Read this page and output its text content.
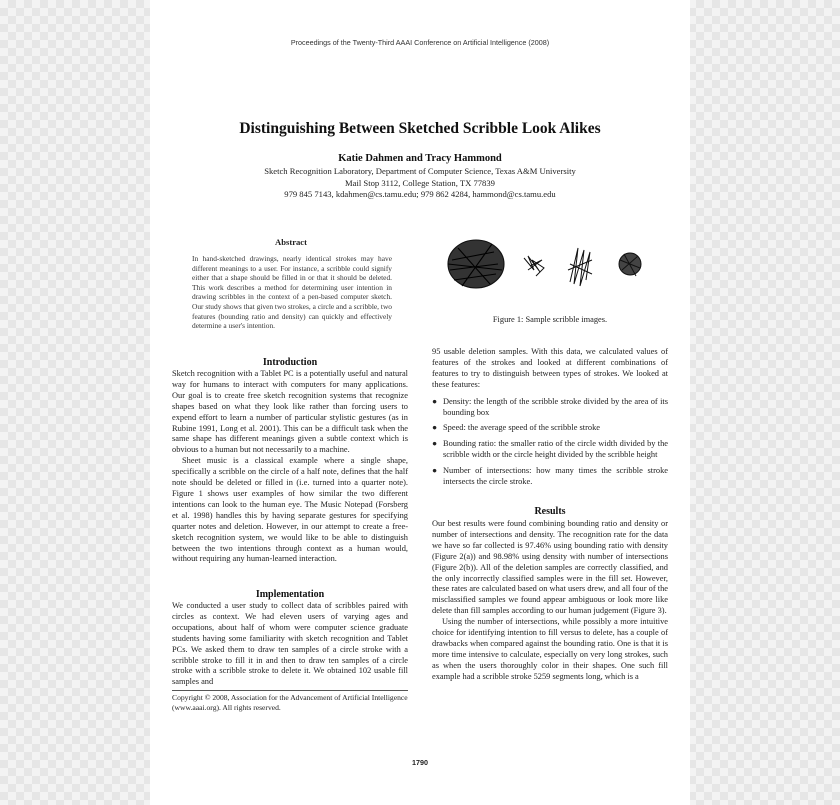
Proceedings of the Twenty-Third AAAI Conference on Artificial Intelligence (2008)
Distinguishing Between Sketched Scribble Look Alikes
Katie Dahmen and Tracy Hammond
Sketch Recognition Laboratory, Department of Computer Science, Texas A&M University
Mail Stop 3112, College Station, TX 77839
979 845 7143, kdahmen@cs.tamu.edu; 979 862 4284, hammond@cs.tamu.edu
Abstract
In hand-sketched drawings, nearly identical strokes may have different meanings to a user. For instance, a scribble could signify either that a shape should be filled in or that it should be deleted. This work describes a method for determining user intention in drawing scribbles in the context of a pen-based computer sketch. Our study shows that given two strokes, a circle and a scribble, two features (bounding ratio and density) can quickly and effectively determine a user's intention.
Figure 1: Sample scribble images.
Introduction

Sketch recognition with a Tablet PC is a potentially useful and natural way for humans to interact with computers for many applications. Our goal is to create free sketch recognition systems that recognize shapes based on what they look like rather than forcing users to expend effort to learn a number of particular stylistic gestures (as in Rubine 1991, Long et al. 2001). This can be a difficult task when the same shape has different meanings given a subtle context which is obvious to a human but not necessarily to a machine.

Sheet music is a classical example where a single shape, specifically a scribble on the circle of a half note, defines that the half note should be deleted or filled in (i.e. turned into a quarter note). Figure 1 shows user examples of how similar the two different intentions can look to the human eye. The Music Notepad (Forsberg et al. 1998) handles this by having separate gestures for specifying quarter notes and deletion. However, in our attempt to create a free-sketch recognition system, we would like to be able to distinguish between the two intentions through context as a human would, without requiring any human-learned interaction.

Implementation

We conducted a user study to collect data of scribbles paired with circles as context. We had eleven users of varying ages and occupations, about half of whom were computer science graduate students having some familiarity with sketch recognition and Tablet PCs. We asked them to draw ten samples of a circle stroke with a scribble stroke to fill it in and then to draw ten samples of a circle stroke with a scribble stroke to delete it. We obtained 102 usable fill samples and

Copyright © 2008, Association for the Advancement of Artificial Intelligence (www.aaai.org). All rights reserved.

95 usable deletion samples. With this data, we calculated values of features of the strokes and looked at different combinations of features to try to distinguish between types of strokes. We looked at these features:

● Density: the length of the scribble stroke divided by the area of its bounding box
● Speed: the average speed of the scribble stroke
● Bounding ratio: the smaller ratio of the circle width divided by the scribble width or the circle height divided by the scribble height
● Number of intersections: how many times the scribble stroke intersects the circle stroke.
Results

Our best results were found combining bounding ratio and density or number of intersections and density. The recognition rate for the data we have so far collected is 97.46% using bounding ratio with density (Figure 2(a)) and 98.98% using density with number of intersections (Figure 2(b)). All of the deletion samples are correctly classified, and the only incorrectly classified samples were in the fill set. However, these rates are calculated based on what users drew, and all four of the misclassified samples we found appear ambiguous or look more like delete than fill samples according to our human judgement (Figure 3).

Using the number of intersections, while possibly a more intuitive choice for identifying intention to fill versus to delete, has a couple of drawbacks when compared against the bounding ratio. One is that it is more time intensive to calculate, especially on very long strokes, such as when the users thoroughly color in their shapes. One such fill example had a scribble stroke 5259 segments long, which is a

1790
